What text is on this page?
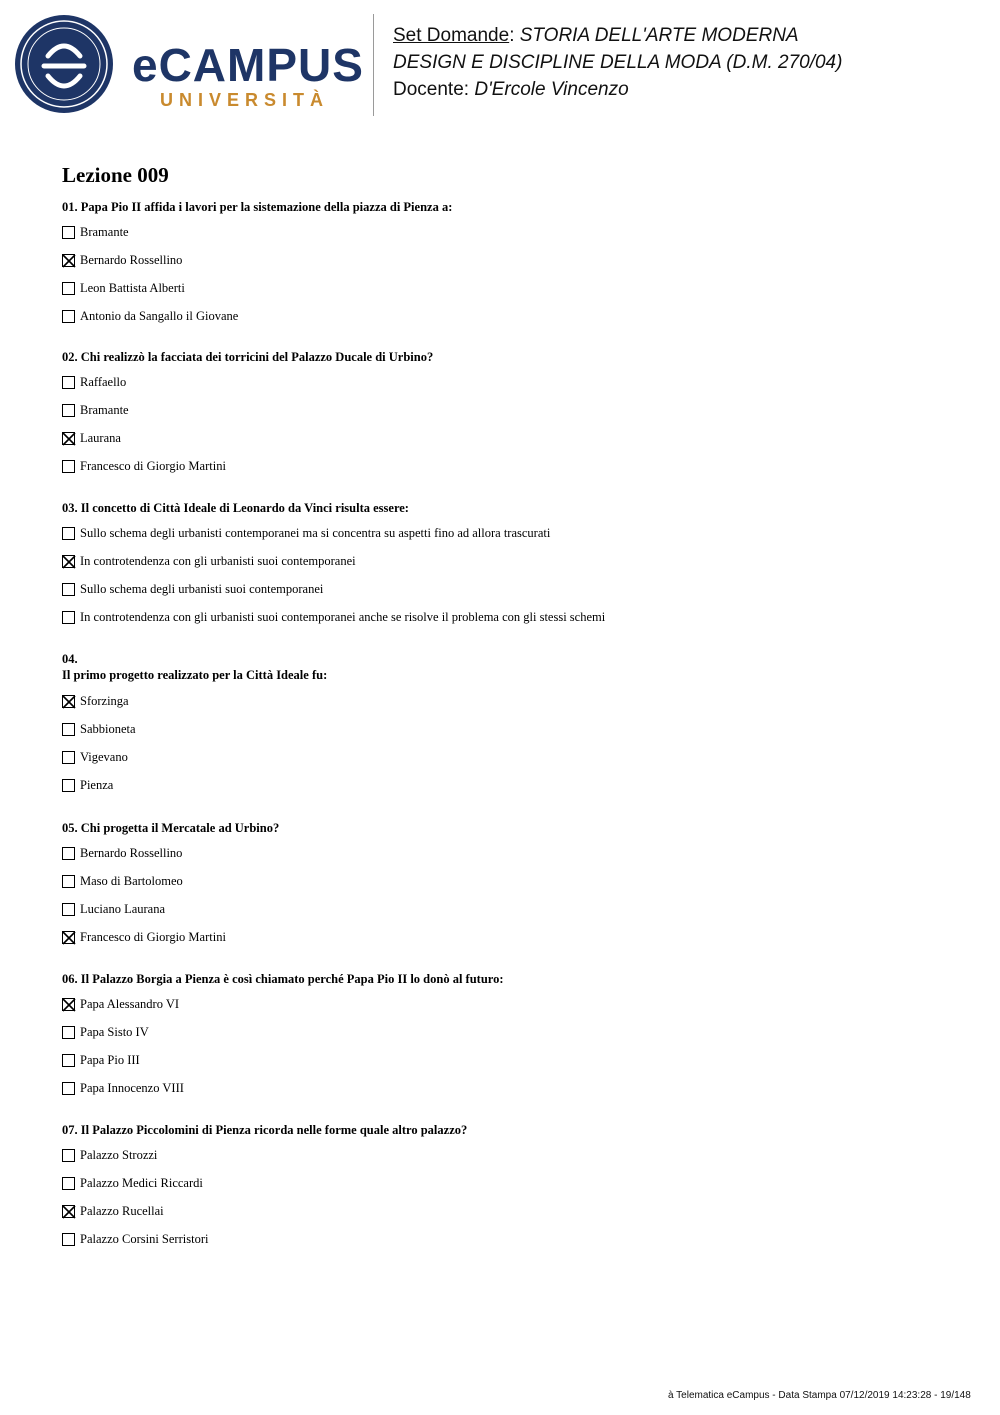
eCAMPUS
UNIVERSITÀ
Set Domande: STORIA DELL'ARTE MODERNA
DESIGN E DISCIPLINE DELLA MODA (D.M. 270/04)
Docente: D'Ercole Vincenzo
Lezione 009
01. Papa Pio II affida i lavori per la sistemazione della piazza di Pienza a:
Bramante
Bernardo Rossellino
Leon Battista Alberti
Antonio da Sangallo il Giovane
02. Chi realizzò la facciata dei torricini del Palazzo Ducale di Urbino?
Raffaello
Bramante
Laurana
Francesco di Giorgio Martini
03. Il concetto di Città Ideale di Leonardo da Vinci risulta essere:
Sullo schema degli urbanisti contemporanei ma si concentra su aspetti fino ad allora trascurati
In controtendenza con gli urbanisti suoi contemporanei
Sullo schema degli urbanisti suoi contemporanei
In controtendenza con gli urbanisti suoi contemporanei anche se risolve il problema con gli stessi schemi
04.
Il primo progetto realizzato per la Città Ideale fu:
Sforzinga
Sabbioneta
Vigevano
Pienza
05. Chi progetta il Mercatale ad Urbino?
Bernardo Rossellino
Maso di Bartolomeo
Luciano Laurana
Francesco di Giorgio Martini
06. Il Palazzo Borgia a Pienza è così chiamato perché Papa Pio II lo donò al futuro:
Papa Alessandro VI
Papa Sisto IV
Papa Pio III
Papa Innocenzo VIII
07. Il Palazzo Piccolomini di Pienza ricorda nelle forme quale altro palazzo?
Palazzo Strozzi
Palazzo Medici Riccardi
Palazzo Rucellai
Palazzo Corsini Serristori
à Telematica eCampus - Data Stampa 07/12/2019 14:23:28 - 19/148
